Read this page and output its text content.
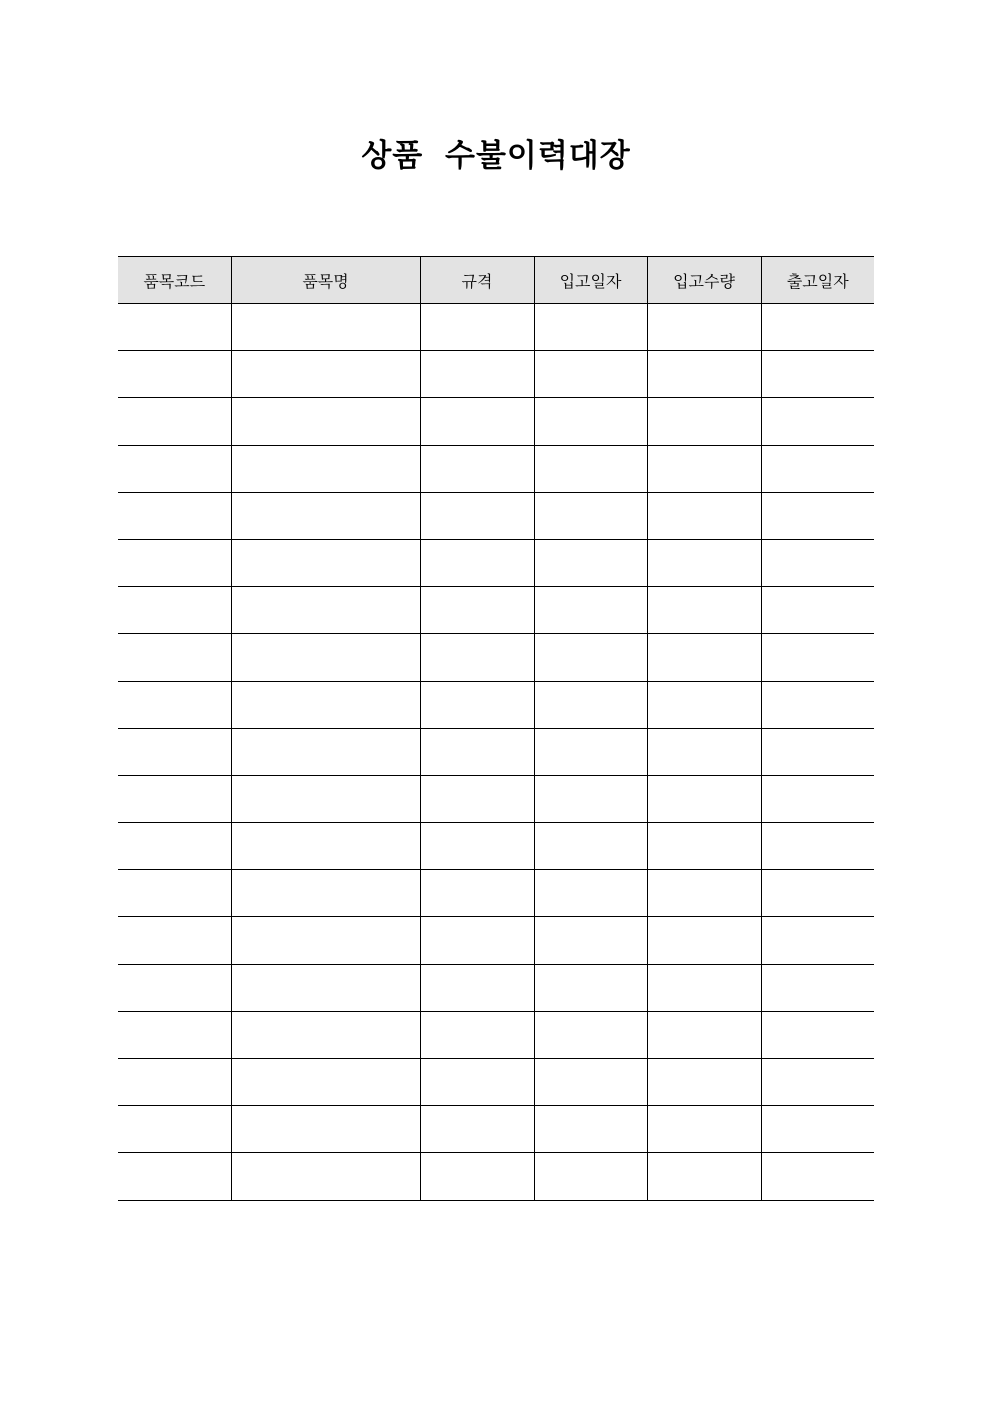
상품 수불이력대장
품목코드	품목명	규격	입고일자	입고수량	출고일자
